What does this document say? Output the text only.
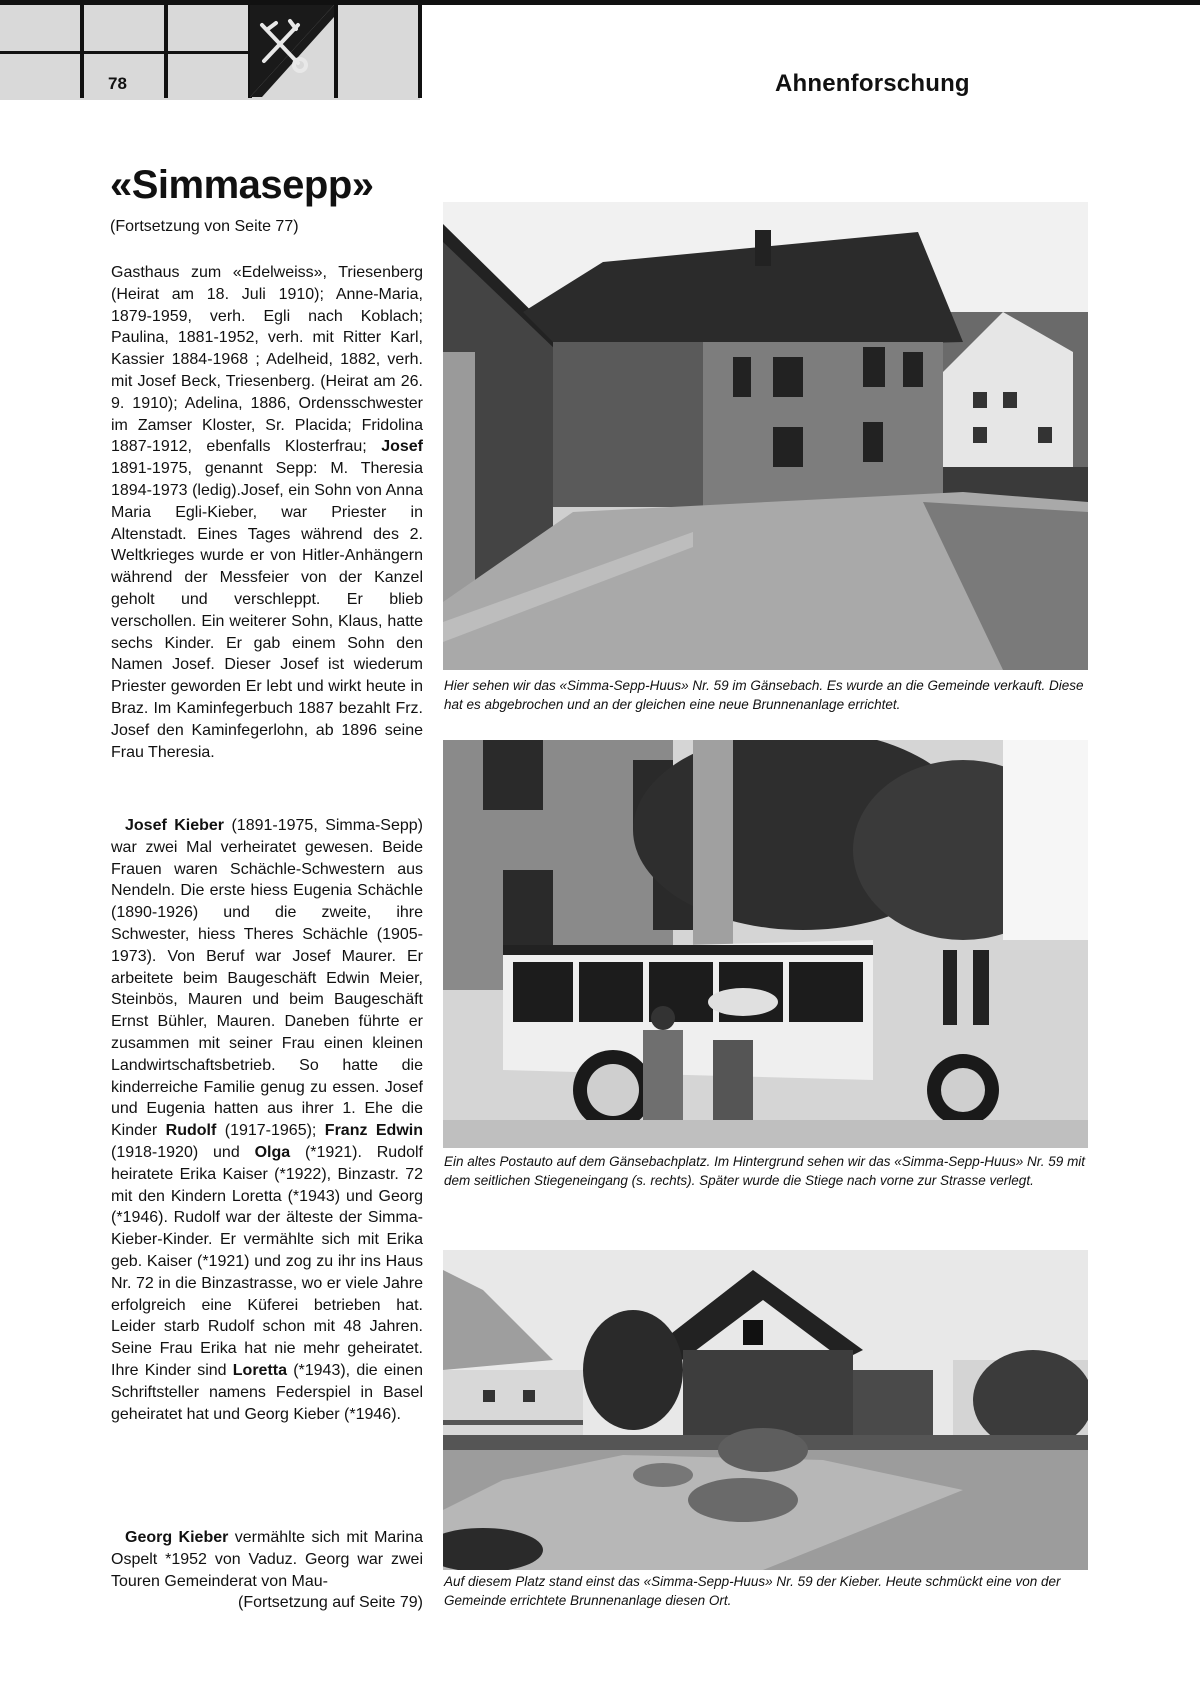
78	Ahnenforschung
«Simmasepp»
(Fortsetzung von Seite 77)

Gasthaus zum «Edelweiss», Triesenberg (Heirat am 18. Juli 1910); Anne-Maria, 1879-1959, verh. Egli nach Koblach; Paulina, 1881-1952, verh. mit Ritter Karl, Kassier 1884-1968 ; Adelheid, 1882, verh. mit Josef Beck, Triesenberg. (Heirat am 26. 9. 1910); Adelina, 1886, Ordensschwester im Zamser Kloster, Sr. Placida; Fridolina 1887-1912, ebenfalls Klosterfrau; Josef 1891-1975, genannt Sepp: M. Theresia 1894-1973 (ledig).Josef, ein Sohn von Anna Maria Egli-Kieber, war Priester in Altenstadt. Eines Tages während des 2. Weltkrieges wurde er von Hitler-Anhängern während der Messfeier von der Kanzel geholt und verschleppt. Er blieb verschollen. Ein weiterer Sohn, Klaus, hatte sechs Kinder. Er gab einem Sohn den Namen Josef. Dieser Josef ist wiederum Priester geworden Er lebt und wirkt heute in Braz. Im Kaminfegerbuch 1887 bezahlt Frz. Josef den Kaminfegerlohn, ab 1896 seine Frau Theresia.

Josef Kieber (1891-1975, Simma-Sepp) war zwei Mal verheiratet gewesen. Beide Frauen waren Schächle-Schwestern aus Nendeln. Die erste hiess Eugenia Schächle (1890-1926) und die zweite, ihre Schwester, hiess Theres Schächle (1905-1973). Von Beruf war Josef Maurer. Er arbeitete beim Baugeschäft Edwin Meier, Steinbös, Mauren und beim Baugeschäft Ernst Bühler, Mauren. Daneben führte er zusammen mit seiner Frau einen kleinen Landwirtschaftsbetrieb. So hatte die kinderreiche Familie genug zu essen. Josef und Eugenia hatten aus ihrer 1. Ehe die Kinder Rudolf (1917-1965); Franz Edwin (1918-1920) und Olga (*1921). Rudolf heiratete Erika Kaiser (*1922), Binzastr. 72 mit den Kindern Loretta (*1943) und Georg (*1946). Rudolf war der älteste der Simma-Kieber-Kinder. Er vermählte sich mit Erika geb. Kaiser (*1921) und zog zu ihr ins Haus Nr. 72 in die Binzastrasse, wo er viele Jahre erfolgreich eine Küferei betrieben hat. Leider starb Rudolf schon mit 48 Jahren. Seine Frau Erika hat nie mehr geheiratet. Ihre Kinder sind Loretta (*1943), die einen Schriftsteller namens Federspiel in Basel geheiratet hat und Georg Kieber (*1946).

Georg Kieber vermählte sich mit Marina Ospelt *1952 von Vaduz. Georg war zwei Touren Gemeinderat von Mau-
(Fortsetzung auf Seite 79)

Hier sehen wir das «Simma-Sepp-Huus» Nr. 59 im Gänsebach. Es wurde an die Gemeinde verkauft. Diese hat es abgebrochen und an der gleichen eine neue Brunnenanlage errichtet.
Ein altes Postauto auf dem Gänsebachplatz. Im Hintergrund sehen wir das «Simma-Sepp-Huus» Nr. 59 mit dem seitlichen Stiegeneingang (s. rechts). Später wurde die Stiege nach vorne zur Strasse verlegt.
Auf diesem Platz stand einst das «Simma-Sepp-Huus» Nr. 59 der Kieber. Heute schmückt eine von der Gemeinde errichtete Brunnenanlage diesen Ort.
